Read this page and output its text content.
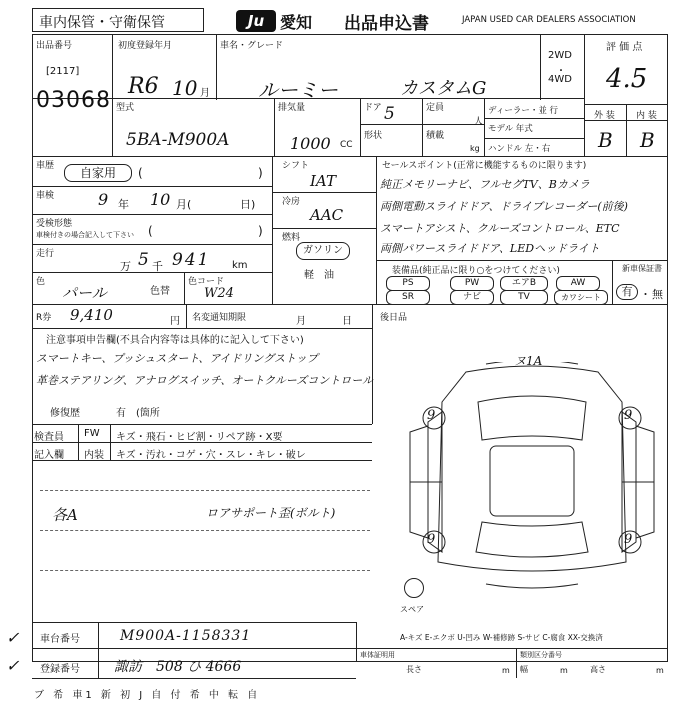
車内保管・守衛保管	Ju 愛知 出品申込書	JAPAN USED CAR DEALERS ASSOCIATION
出品番号
[2117]
03068
初度登録年月
R6 10 月
車名・グレード
ルーミー	カスタムG
2WD
・
4WD
評 価 点
4.5
外 装 内 装
B B
型式
5BA-M900A
排気量
1000 CC
ドア 5	定員
人
形状	積載
kg
ディーラー・並 行
モデル 年式
ハンドル 左・右
車歴	自家用	(	)
車検	9 年 10 月(	日)
受検形態
車検付きの場合記入して下さい (	)
走行
万 5 千 941 km
色
パール	色替
色コード
W24
シフト
IAT
冷房
AAC
燃料
ガソリン
軽　油
セールスポイント(正常に機能するものに限ります)
純正メモリーナビ、フルセグTV、Bカメラ
両側電動スライドドア、ドライブレコーダー(前後)
スマートアシスト、クルーズコントロール、ETC
両側パワースライドドア、LEDヘッドライト
装備品(純正品に限り○をつけてください)
PS	PW	エアB	AW
SR	ナビ	TV	カワシート
新車保証書
有 ・ 無
R券 9,410	円 名変通知期限	月	日	後日品
注意事項申告欄(不具合内容等は具体的に記入して下さい)
スマートキー、プッシュスタート、アイドリングストップ
革巻ステアリング、アナログスイッチ、オートクルーズコントロール
修復歴	有 (箇所
検査員
記入欄
FW キズ・飛石・ヒビ割・リペア跡・X要
内装 キズ・汚れ・コゲ・穴・スレ・キレ・破レ
各A	ロアサポート歪(ボルト)
ヌ1A
9	9
9	9
スペア
A-キズ E-エクボ U-凹み W-補修跡 S-サビ C-腐食 XX-交換済
車台番号	M900A-1158331
登録番号 諏訪　508 ひ 4666
✓
✓
車体証明用
長さ	m
類別区分番号
幅	m	高さ	m
ブ 希 車1 新 初 J 自 付 希 中 転 自
